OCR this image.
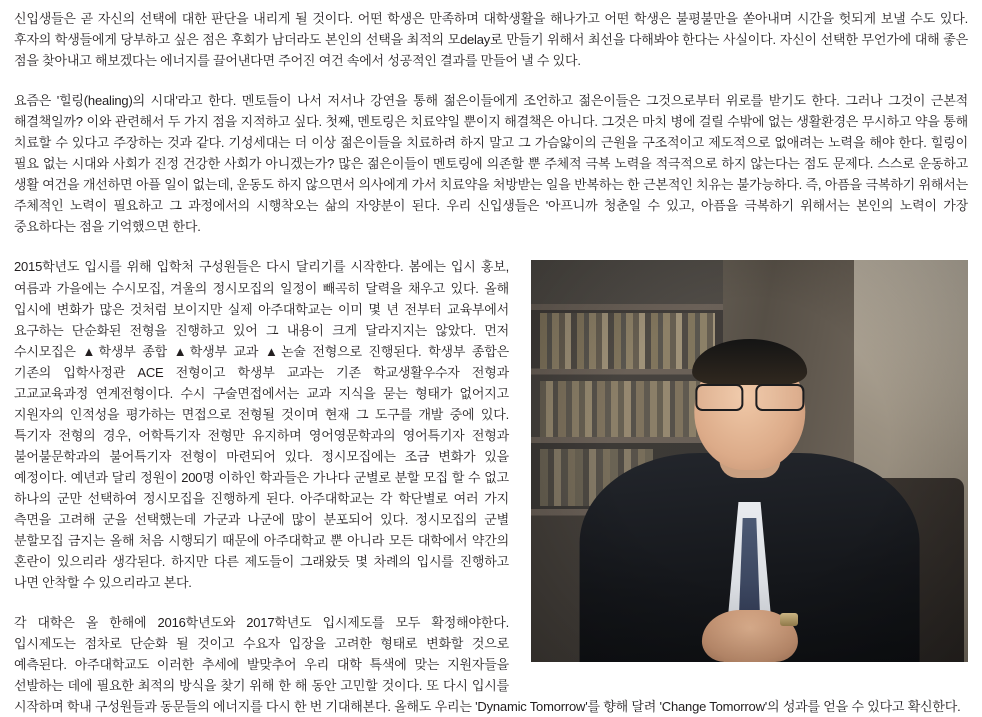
신입생들은 곧 자신의 선택에 대한 판단을 내리게 될 것이다. 어떤 학생은 만족하며 대학생활을 해나가고 어떤 학생은 불평불만을 쏟아내며 시간을 헛되게 보낼 수도 있다. 후자의 학생들에게 당부하고 싶은 점은 후회가 남더라도 본인의 선택을 최적의 모delay로 만들기 위해서 최선을 다해봐야 한다는 사실이다. 자신이 선택한 무언가에 대해 좋은 점을 찾아내고 해보겠다는 에너지를 끌어낸다면 주어진 여건 속에서 성공적인 결과를 만들어 낼 수 있다.

요즘은 '힐링(healing)의 시대'라고 한다. 멘토들이 나서 저서나 강연을 통해 젊은이들에게 조언하고 젊은이들은 그것으로부터 위로를 받기도 한다. 그러나 그것이 근본적 해결책일까? 이와 관련해서 두 가지 점을 지적하고 싶다. 첫째, 멘토링은 치료약일 뿐이지 해결책은 아니다. 그것은 마치 병에 걸릴 수밖에 없는 생활환경은 무시하고 약을 통해 치료할 수 있다고 주장하는 것과 같다. 기성세대는 더 이상 젊은이들을 치료하려 하지 말고 그 가슴앓이의 근원을 구조적이고 제도적으로 없애려는 노력을 해야 한다. 힐링이 필요 없는 시대와 사회가 진정 건강한 사회가 아니겠는가? 많은 젊은이들이 멘토링에 의존할 뿐 주체적 극복 노력을 적극적으로 하지 않는다는 점도 문제다. 스스로 운동하고 생활 여건을 개선하면 아플 일이 없는데, 운동도 하지 않으면서 의사에게 가서 치료약을 처방받는 일을 반복하는 한 근본적인 치유는 불가능하다. 즉, 아픔을 극복하기 위해서는 주체적인 노력이 필요하고 그 과정에서의 시행착오는 삶의 자양분이 된다. 우리 신입생들은 '아프니까 청춘일 수 있고, 아픔을 극복하기 위해서는 본인의 노력이 가장 중요하다는 점을 기억했으면 한다.

2015학년도 입시를 위해 입학처 구성원들은 다시 달리기를 시작한다. 봄에는 입시 홍보, 여름과 가을에는 수시모집, 겨울의 정시모집의 일정이 빼곡히 달력을 채우고 있다. 올해 입시에 변화가 많은 것처럼 보이지만 실제 아주대학교는 이미 몇 년 전부터 교육부에서 요구하는 단순화된 전형을 진행하고 있어 그 내용이 크게 달라지지는 않았다. 먼저 수시모집은 ▲학생부 종합 ▲학생부 교과 ▲논술 전형으로 진행된다. 학생부 종합은 기존의 입학사정관 ACE 전형이고 학생부 교과는 기존 학교생활우수자 전형과 고교교육과정 연계전형이다. 수시 구술면접에서는 교과 지식을 묻는 형태가 없어지고 지원자의 인적성을 평가하는 면접으로 전형될 것이며 현재 그 도구를 개발 중에 있다. 특기자 전형의 경우, 어학특기자 전형만 유지하며 영어영문학과의 영어특기자 전형과 불어불문학과의 불어특기자 전형이 마련되어 있다. 정시모집에는 조금 변화가 있을 예정이다. 예년과 달리 정원이 200명 이하인 학과들은 가나다 군별로 분할 모집 할 수 없고 하나의 군만 선택하여 정시모집을 진행하게 된다. 아주대학교는 각 학단별로 여러 가지 측면을 고려해 군을 선택했는데 가군과 나군에 많이 분포되어 있다. 정시모집의 군별 분할모집 금지는 올해 처음 시행되기 때문에 아주대학교 뿐 아니라 모든 대학에서 약간의 혼란이 있으리라 생각된다. 하지만 다른 제도들이 그래왔듯 몇 차례의 입시를 진행하고 나면 안착할 수 있으리라고 본다.

각 대학은 올 한해에 2016학년도와 2017학년도 입시제도를 모두 확정해야한다. 입시제도는 점차로 단순화 될 것이고 수요자 입장을 고려한 형태로 변화할 것으로 예측된다. 아주대학교도 이러한 추세에 발맞추어 우리 대학 특색에 맞는 지원자들을 선발하는 데에 필요한 최적의 방식을 찾기 위해 한 해 동안 고민할 것이다. 또 다시 입시를 시작하며 학내 구성원들과 동문들의 에너지를 다시 한 번 기대해본다. 올해도 우리는 'Dynamic Tomorrow'를 향해 달려 'Change Tomorrow'의 성과를 얻을 수 있다고 확신한다.
